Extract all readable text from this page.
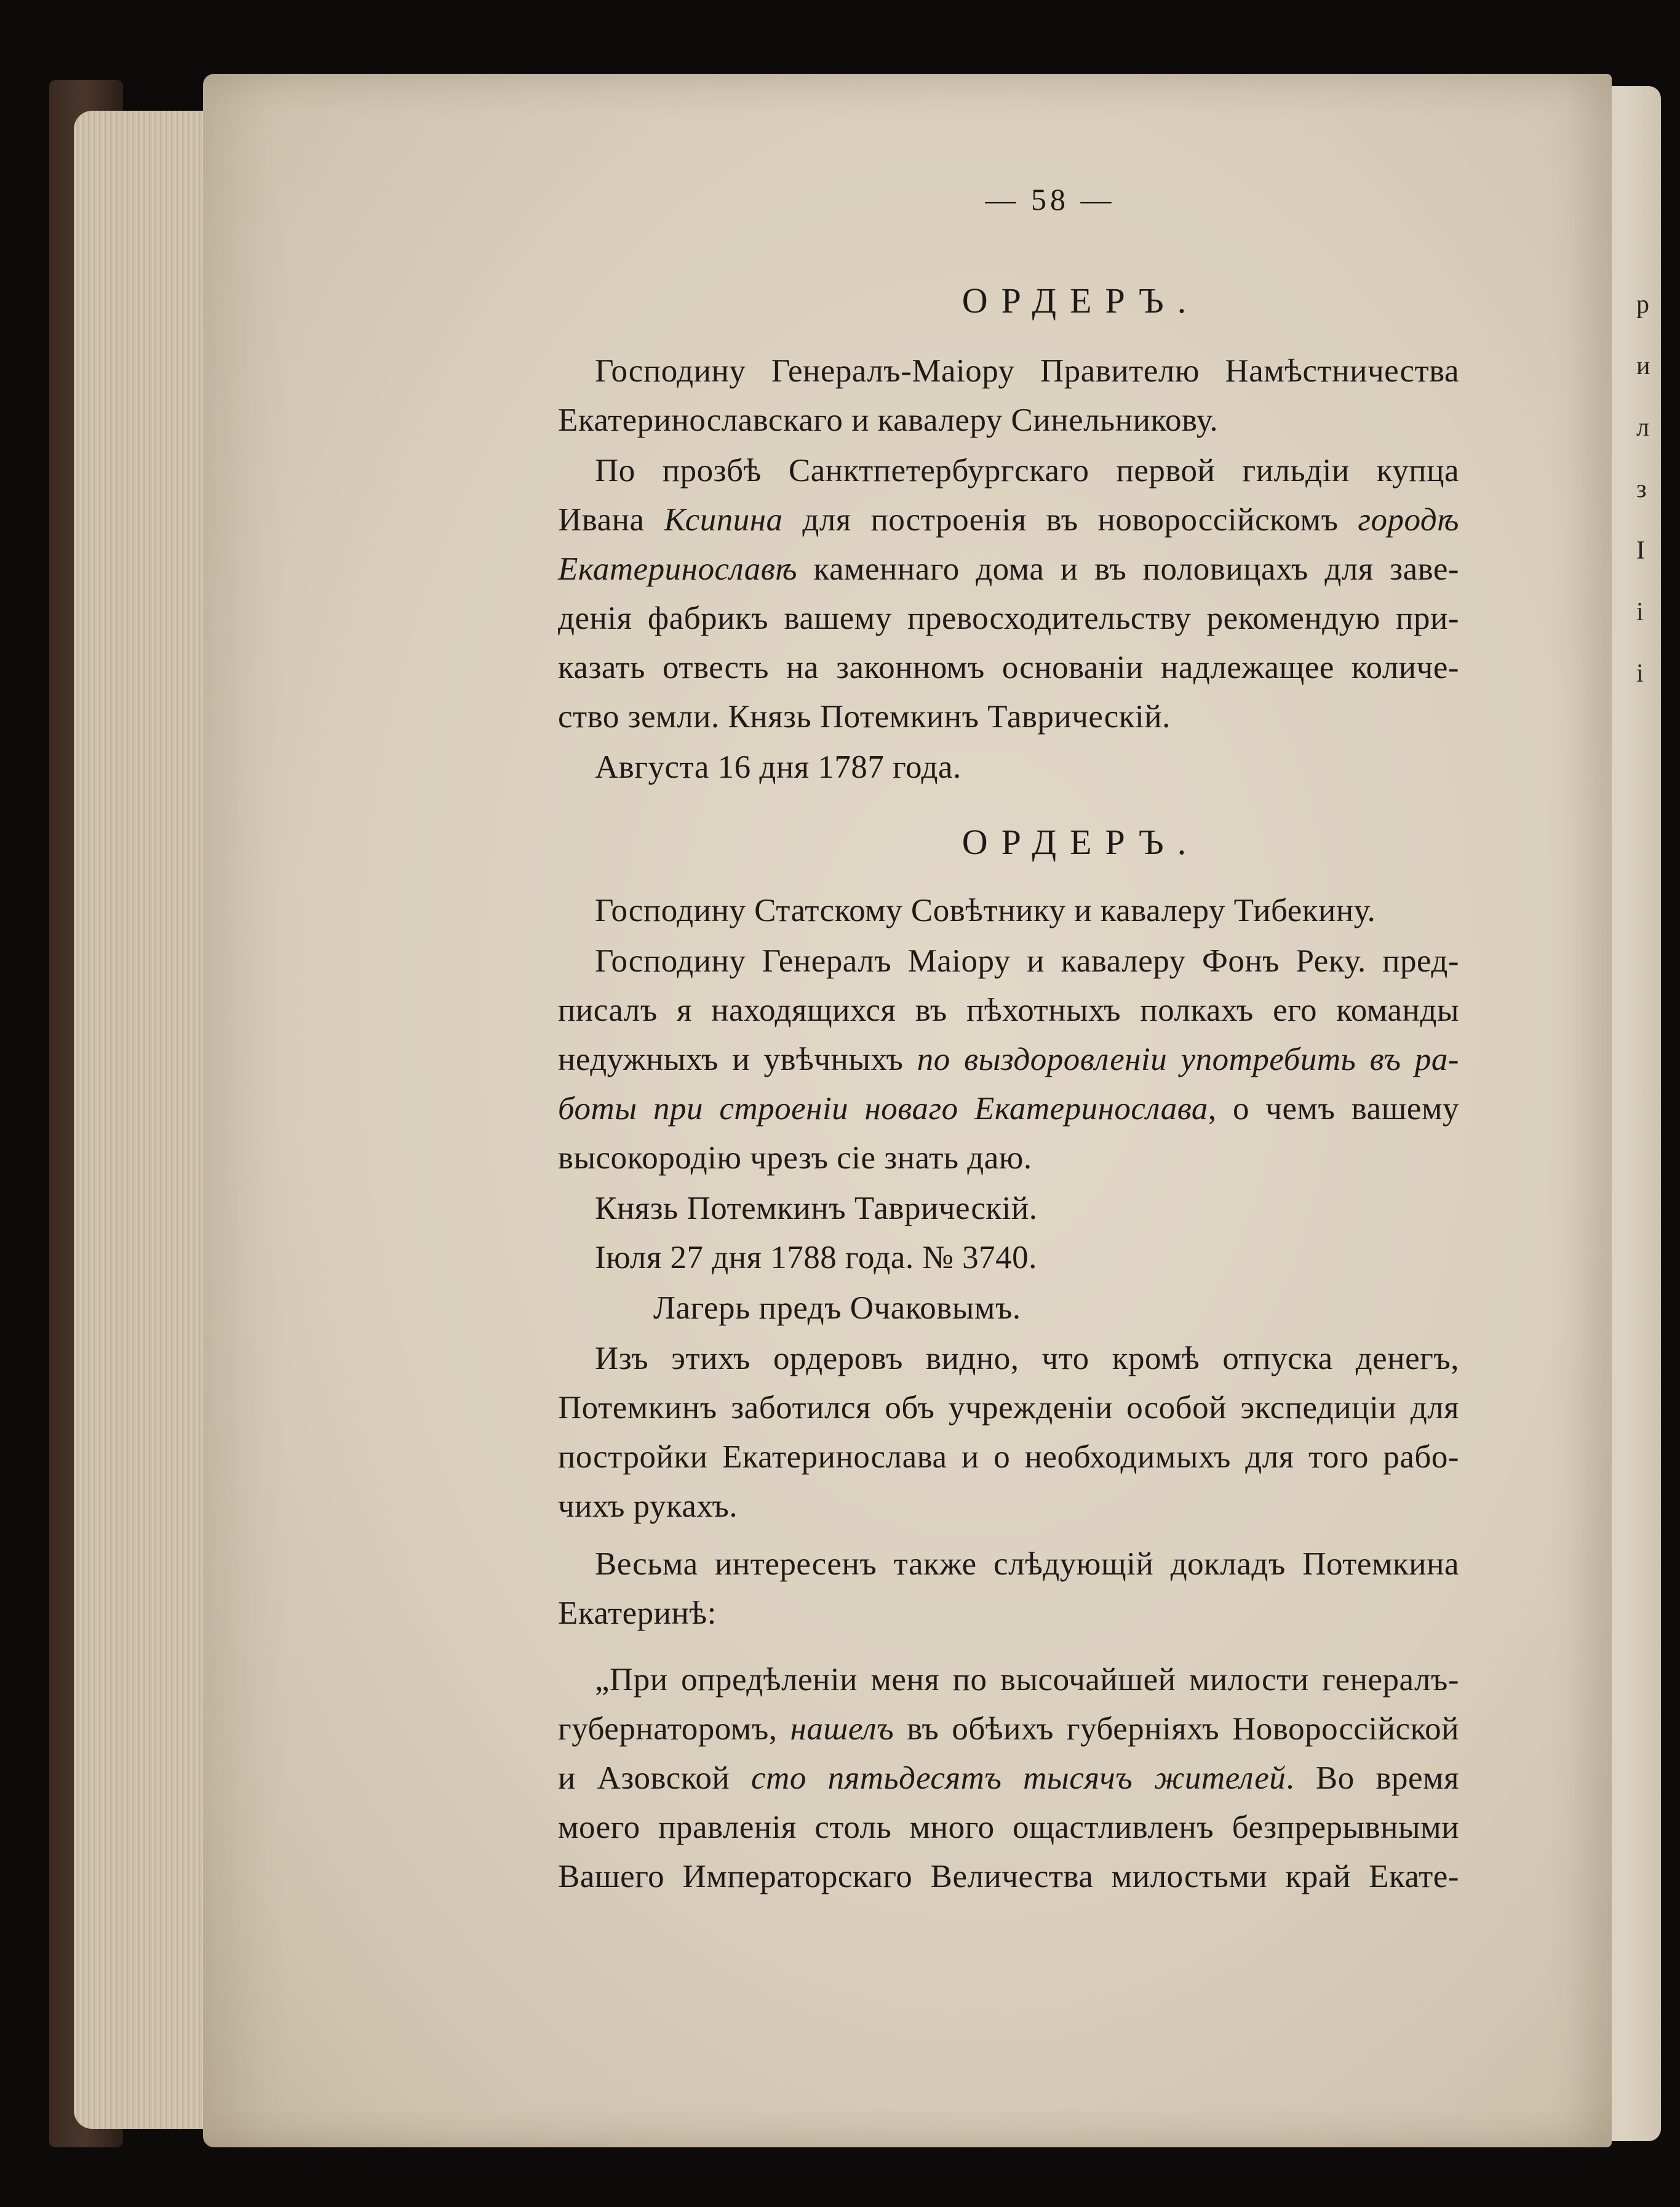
р
и
л
з
I
і
і
— 58 —
ОРДЕРЪ.
Господину Генералъ-Маіору Правителю Намѣстничества
Екатеринославскаго и кавалеру Синельникову.
По прозбѣ Санктпетербургскаго первой гильдіи купца
Ивана Ксипина для построенія въ новороссійскомъ городѣ
Екатеринославѣ каменнаго дома и въ половицахъ для заве-
денія фабрикъ вашему превосходительству рекомендую при-
казать отвесть на законномъ основаніи надлежащее количе-
ство земли. Князь Потемкинъ Таврическій.
Августа 16 дня 1787 года.
ОРДЕРЪ.
Господину Статскому Совѣтнику и кавалеру Тибекину.
Господину Генералъ Маіору и кавалеру Фонъ Реку. пред-
писалъ я находящихся въ пѣхотныхъ полкахъ его команды
недужныхъ и увѣчныхъ по выздоровленіи употребить въ ра-
боты при строеніи новаго Екатеринослава, о чемъ вашему
высокородію чрезъ сіе знать даю.
Князь Потемкинъ Таврическій.
Іюля 27 дня 1788 года. № 3740.
Лагерь предъ Очаковымъ.
Изъ этихъ ордеровъ видно, что кромѣ отпуска денегъ,
Потемкинъ заботился объ учрежденіи особой экспедиціи для
постройки Екатеринослава и о необходимыхъ для того рабо-
чихъ рукахъ.
Весьма интересенъ также слѣдующій докладъ Потемкина
Екатеринѣ:
„При опредѣленіи меня по высочайшей милости генералъ-
губернаторомъ, нашелъ въ обѣихъ губерніяхъ Новороссійской
и Азовской сто пятьдесятъ тысячъ жителей. Во время
моего правленія столь много ощастливленъ безпрерывными
Вашего Императорскаго Величества милостьми край Екате-
